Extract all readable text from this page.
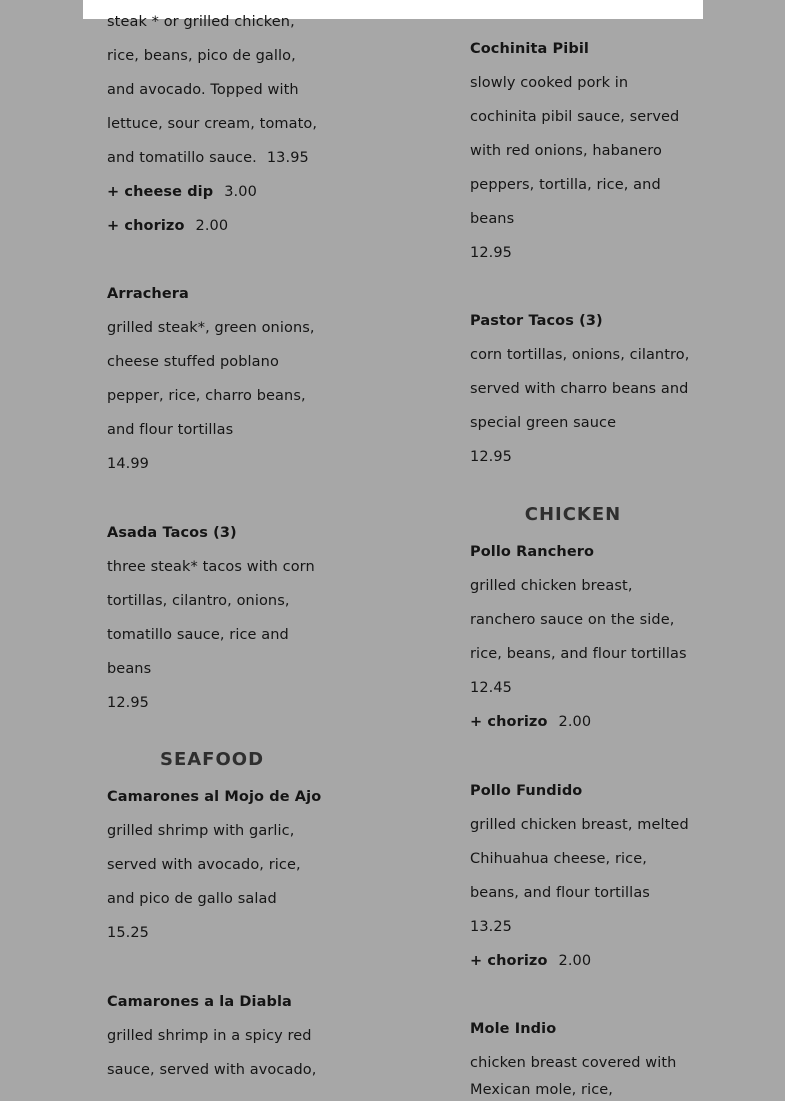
steak * or grilled chicken,
rice, beans, pico de gallo,
and avocado. Topped with
lettuce, sour cream, tomato,
and tomatillo sauce. 13.95
+ cheese dip 3.00
+ chorizo 2.00
Arrachera
grilled steak*, green onions,
cheese stuffed poblano
pepper, rice, charro beans,
and flour tortillas
14.99
Asada Tacos (3)
three steak* tacos with corn
tortillas, cilantro, onions,
tomatillo sauce, rice and
beans
12.95
SEAFOOD
Camarones al Mojo de Ajo
grilled shrimp with garlic,
served with avocado, rice,
and pico de gallo salad
15.25
Camarones a la Diabla
grilled shrimp in a spicy red
sauce, served with avocado,
Cochinita Pibil
slowly cooked pork in
cochinita pibil sauce, served
with red onions, habanero
peppers, tortilla, rice, and
beans
12.95
Pastor Tacos (3)
corn tortillas, onions, cilantro,
served with charro beans and
special green sauce
12.95
CHICKEN
Pollo Ranchero
grilled chicken breast,
ranchero sauce on the side,
rice, beans, and flour tortillas
12.45
+ chorizo 2.00
Pollo Fundido
grilled chicken breast, melted
Chihuahua cheese, rice,
beans, and flour tortillas
13.25
+ chorizo 2.00
Mole Indio
chicken breast covered with
Mexican mole, rice,
